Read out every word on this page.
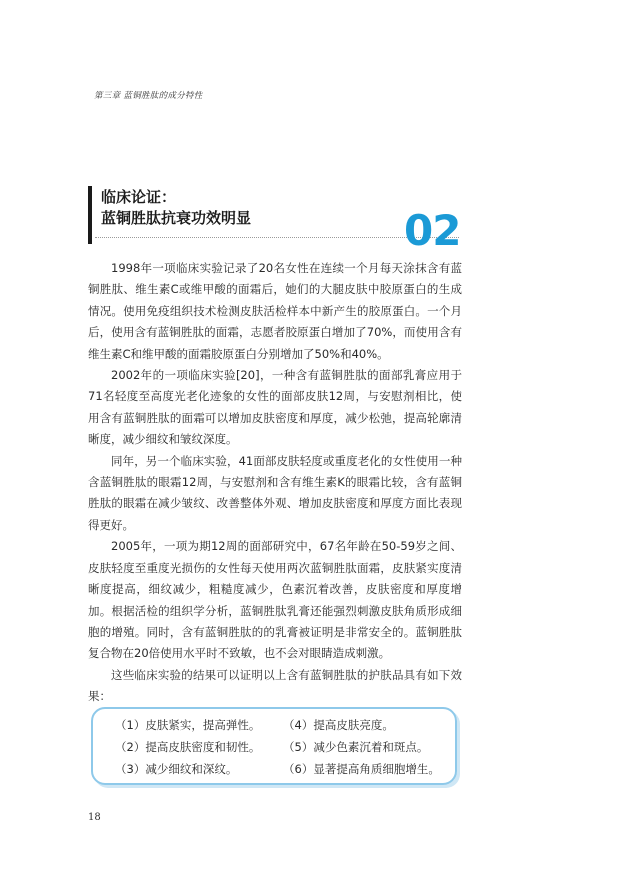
第三章 蓝铜胜肽的成分特性
临床论证：
蓝铜胜肽抗衰功效明显	02

1998年一项临床实验记录了20名女性在连续一个月每天涂抹含有蓝铜胜肽、维生素C或维甲酸的面霜后，她们的大腿皮肤中胶原蛋白的生成情况。使用免疫组织技术检测皮肤活检样本中新产生的胶原蛋白。一个月后，使用含有蓝铜胜肽的面霜，志愿者胶原蛋白增加了70%，而使用含有维生素C和维甲酸的面霜胶原蛋白分别增加了50%和40%。

2002年的一项临床实验[20]，一种含有蓝铜胜肽的面部乳膏应用于71名轻度至高度光老化迹象的女性的面部皮肤12周，与安慰剂相比，使用含有蓝铜胜肽的面霜可以增加皮肤密度和厚度，减少松弛，提高轮廓清晰度，减少细纹和皱纹深度。

同年，另一个临床实验，41面部皮肤轻度或重度老化的女性使用一种含蓝铜胜肽的眼霜12周，与安慰剂和含有维生素K的眼霜比较，含有蓝铜胜肽的眼霜在减少皱纹、改善整体外观、增加皮肤密度和厚度方面比表现得更好。

2005年，一项为期12周的面部研究中，67名年龄在50-59岁之间、皮肤轻度至重度光损伤的女性每天使用两次蓝铜胜肽面霜，皮肤紧实度清晰度提高，细纹减少，粗糙度减少，色素沉着改善，皮肤密度和厚度增加。根据活检的组织学分析，蓝铜胜肽乳膏还能强烈刺激皮肤角质形成细胞的增殖。同时，含有蓝铜胜肽的的乳膏被证明是非常安全的。蓝铜胜肽复合物在20倍使用水平时不致敏，也不会对眼睛造成刺激。

这些临床实验的结果可以证明以上含有蓝铜胜肽的护肤品具有如下效果：

（1）皮肤紧实，提高弹性。
（2）提高皮肤密度和韧性。
（3）减少细纹和深纹。
（4）提高皮肤亮度。
（5）减少色素沉着和斑点。
（6）显著提高角质细胞增生。
18
